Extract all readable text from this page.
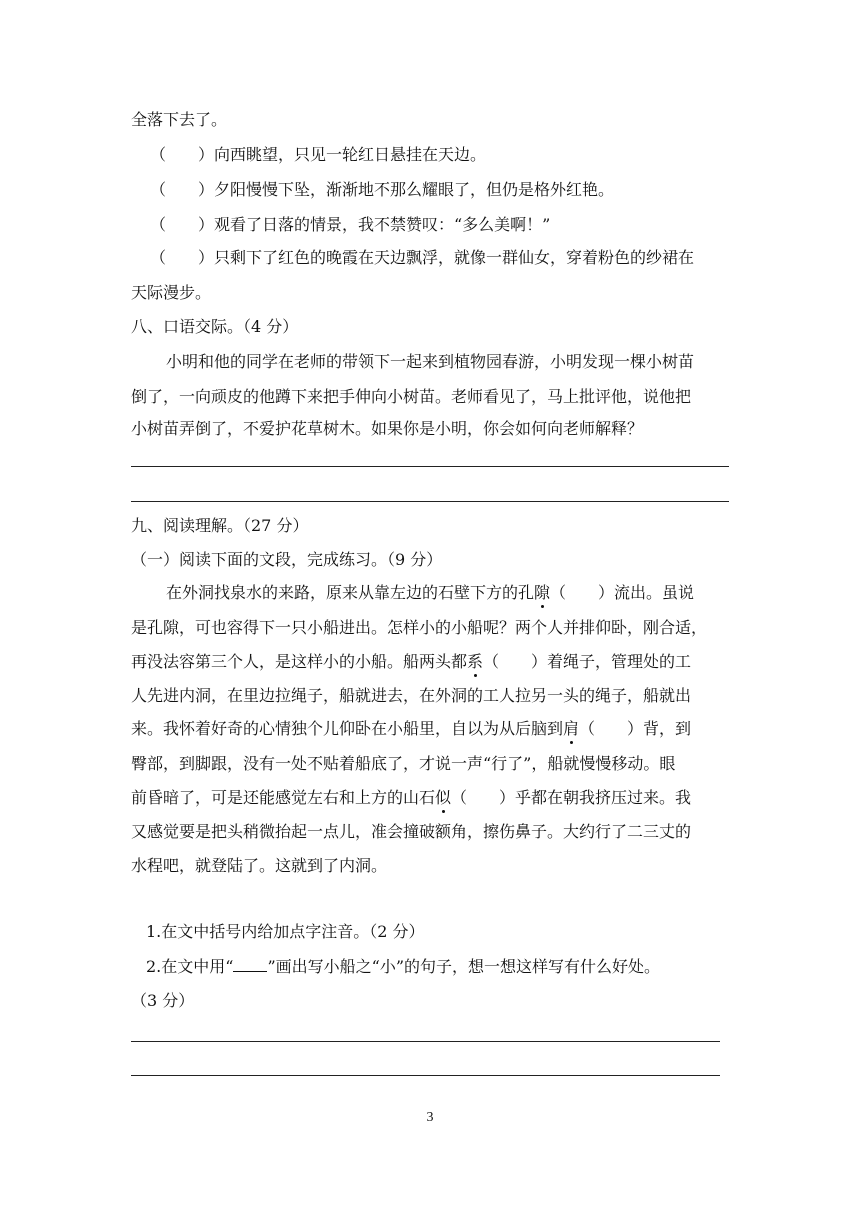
全落下去了。
（　　）向西眺望，只见一轮红日悬挂在天边。
（　　）夕阳慢慢下坠，渐渐地不那么耀眼了，但仍是格外红艳。
（　　）观看了日落的情景，我不禁赞叹：“多么美啊！”
（　　）只剩下了红色的晚霞在天边飘浮，就像一群仙女，穿着粉色的纱裙在
天际漫步。
八、口语交际。（4 分）
小明和他的同学在老师的带领下一起来到植物园春游，小明发现一棵小树苗
倒了，一向顽皮的他蹲下来把手伸向小树苗。老师看见了，马上批评他，说他把
小树苗弄倒了，不爱护花草树木。如果你是小明，你会如何向老师解释？
九、阅读理解。（27 分）
（一）阅读下面的文段，完成练习。（9 分）
在外洞找泉水的来路，原来从靠左边的石壁下方的孔隙（　　）流出。虽说
是孔隙，可也容得下一只小船进出。怎样小的小船呢？两个人并排仰卧，刚合适，
再没法容第三个人，是这样小的小船。船两头都系（　　）着绳子，管理处的工
人先进内洞，在里边拉绳子，船就进去，在外洞的工人拉另一头的绳子，船就出
来。我怀着好奇的心情独个儿仰卧在小船里，自以为从后脑到肩（　　）背，到
臀部，到脚跟，没有一处不贴着船底了，才说一声“行了”，船就慢慢移动。眼
前昏暗了，可是还能感觉左右和上方的山石似（　　）乎都在朝我挤压过来。我
又感觉要是把头稍微抬起一点儿，准会撞破额角，擦伤鼻子。大约行了二三丈的
水程吧，就登陆了。这就到了内洞。
1.在文中括号内给加点字注音。（2 分）
2.在文中用“ ”画出写小船之“小”的句子，想一想这样写有什么好处。
（3 分）
3
